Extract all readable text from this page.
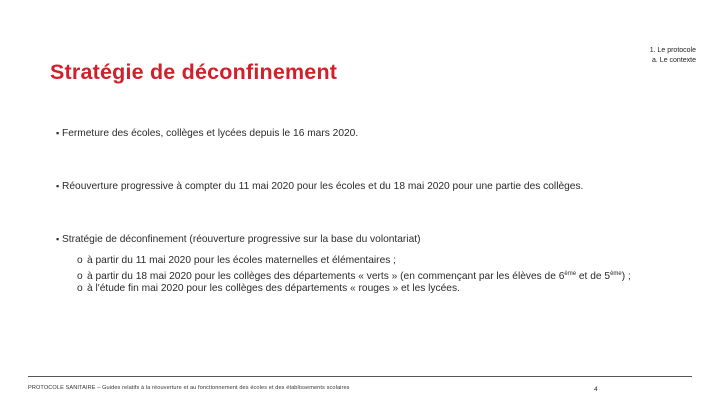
1. Le protocole
a. Le contexte
Stratégie de déconfinement
▪ Fermeture des écoles, collèges et lycées depuis le 16 mars 2020.
▪ Réouverture progressive à compter du 11 mai 2020 pour les écoles et du 18 mai 2020 pour une partie des collèges.
▪ Stratégie de déconfinement (réouverture progressive sur la base du volontariat)
o à partir du 11 mai 2020 pour les écoles maternelles et élémentaires ;
o à partir du 18 mai 2020 pour les collèges des départements « verts » (en commençant par les élèves de 6ème et de 5ème) ;
o à l'étude fin mai 2020 pour les collèges des départements « rouges » et les lycées.
PROTOCOLE SANITAIRE – Guides relatifs à la réouverture et au fonctionnement des écoles et des établissements scolaires	4
